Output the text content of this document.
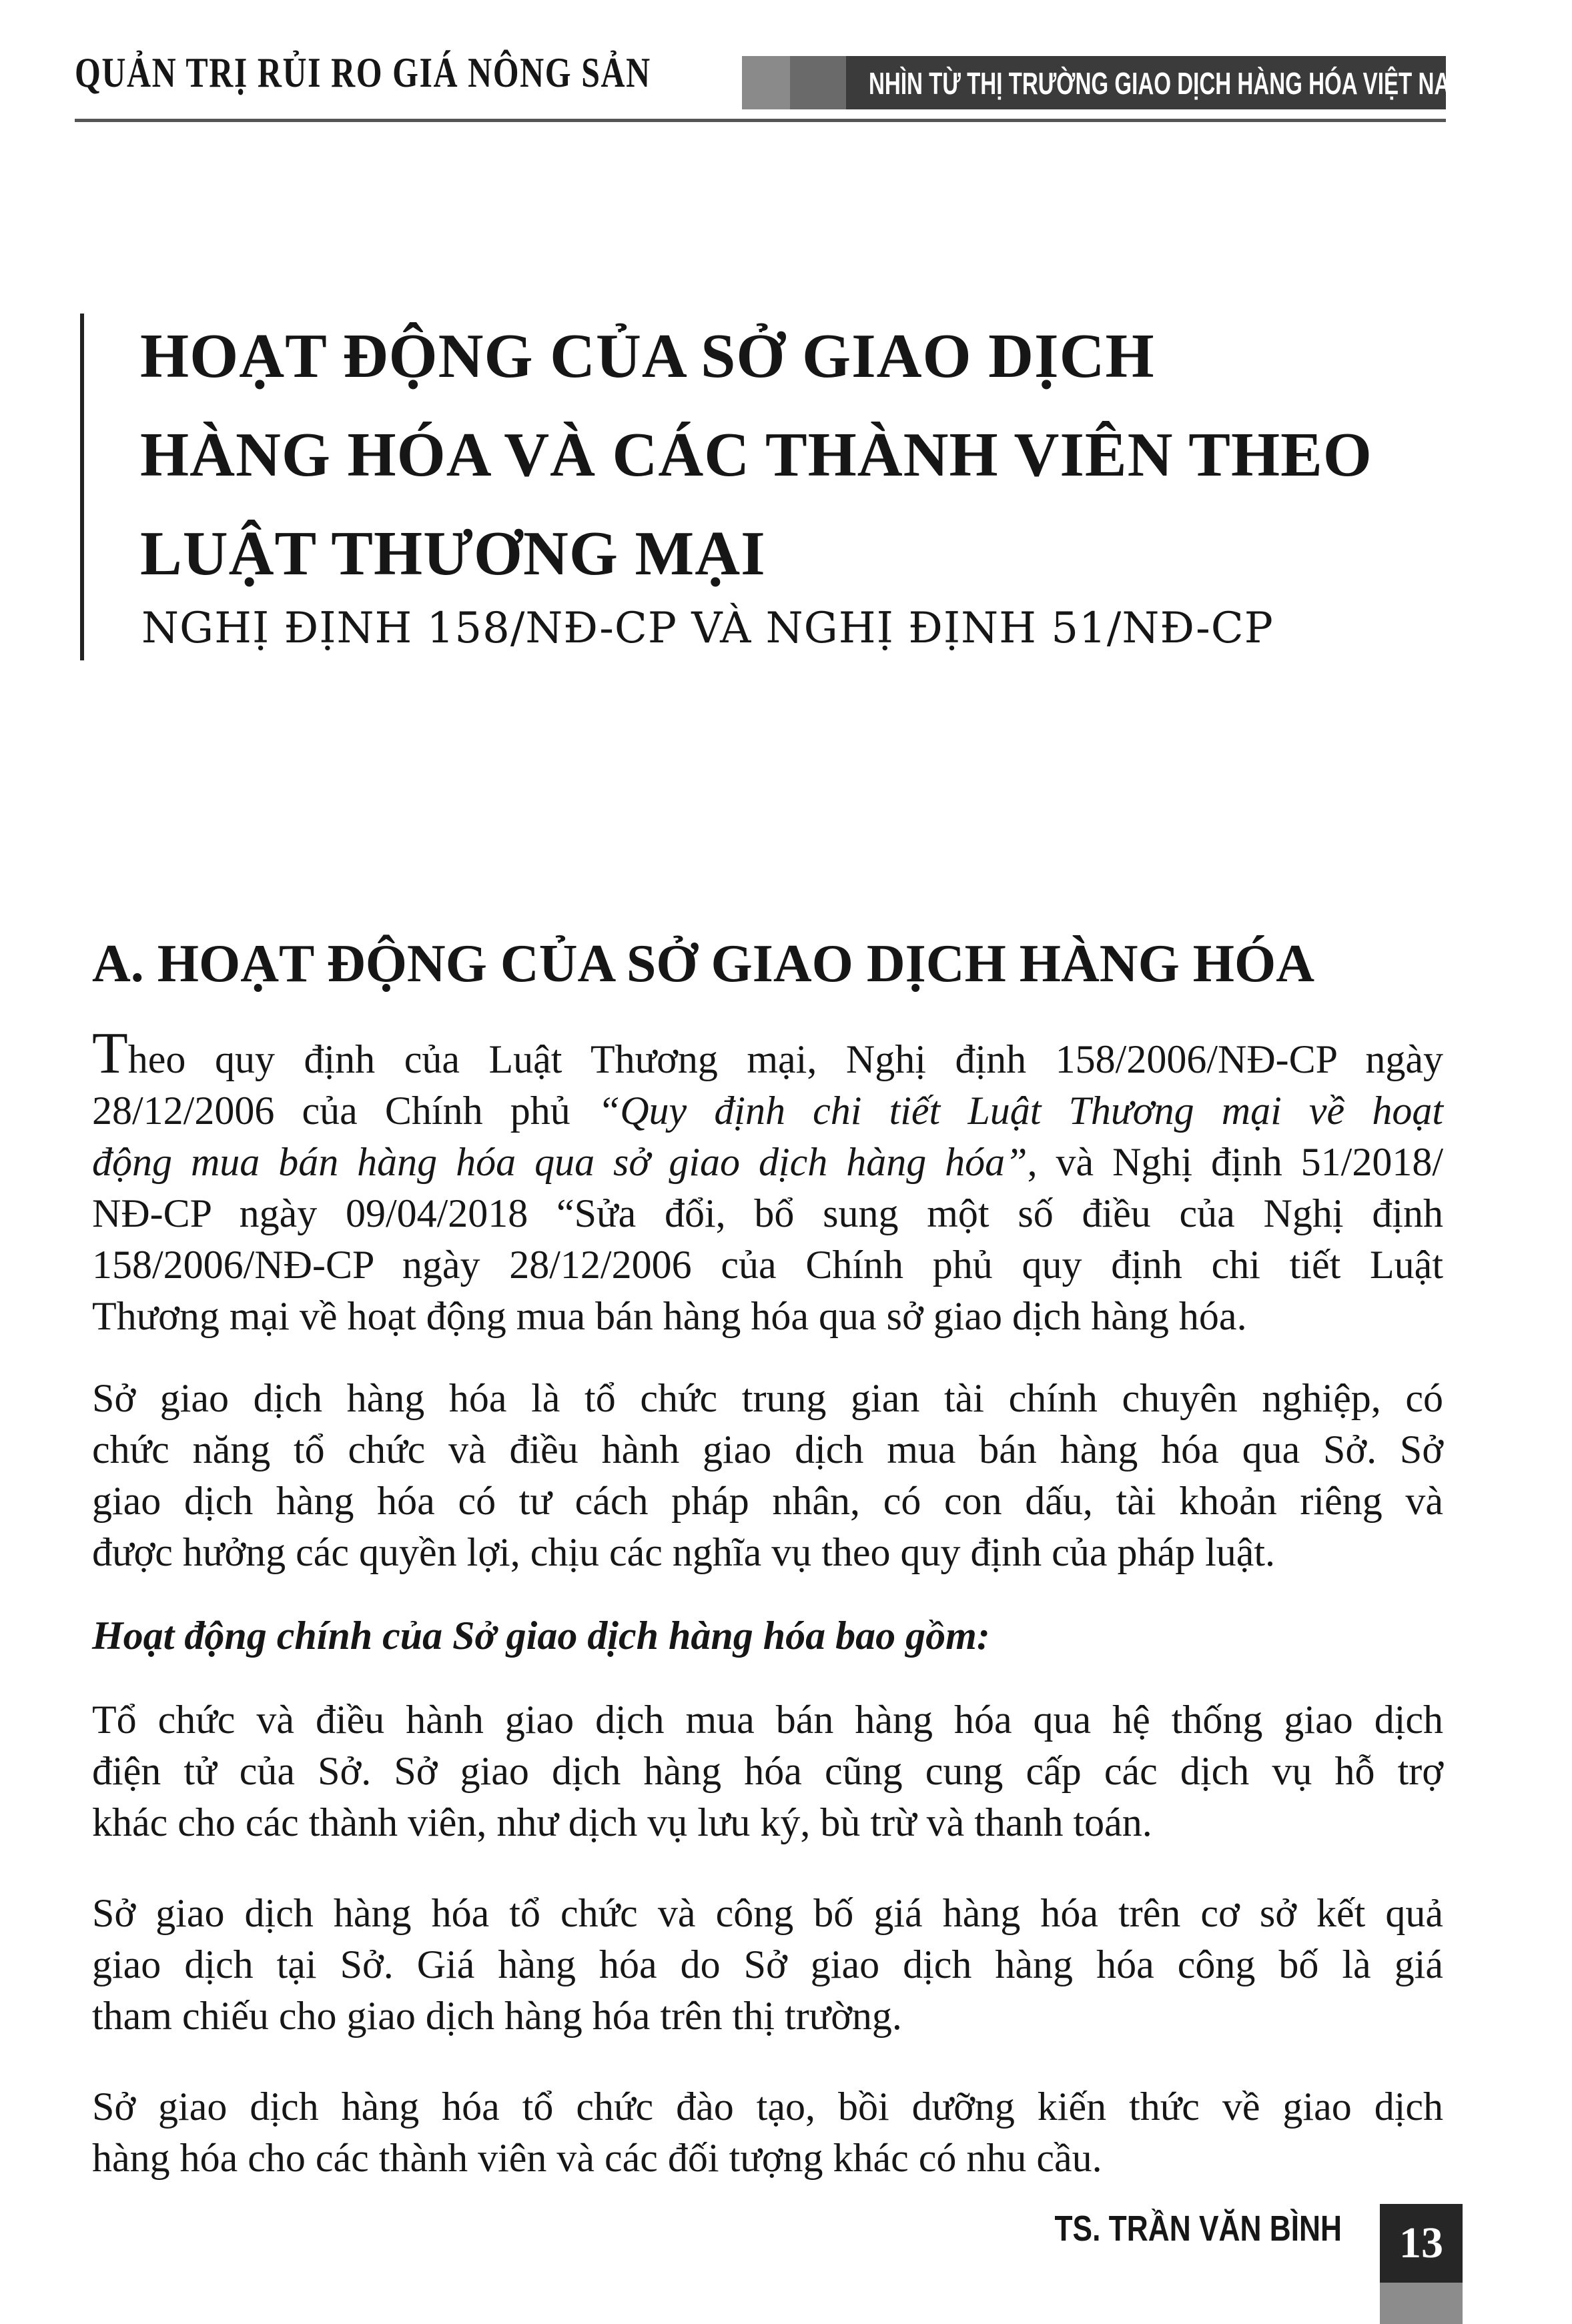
QUẢN TRỊ RỦI RO GIÁ NÔNG SẢN	NHÌN TỪ THỊ TRƯỜNG GIAO DỊCH HÀNG HÓA VIỆT NAM
HOẠT ĐỘNG CỦA SỞ GIAO DỊCH
HÀNG HÓA VÀ CÁC THÀNH VIÊN THEO
LUẬT THƯƠNG MẠI
NGHỊ ĐỊNH 158/NĐ-CP VÀ NGHỊ ĐỊNH 51/NĐ-CP
A. HOẠT ĐỘNG CỦA SỞ GIAO DỊCH HÀNG HÓA
Theo quy định của Luật Thương mại, Nghị định 158/2006/NĐ-CP ngày
28/12/2006 của Chính phủ “Quy định chi tiết Luật Thương mại về hoạt
động mua bán hàng hóa qua sở giao dịch hàng hóa”, và Nghị định 51/2018/
NĐ-CP ngày 09/04/2018 “Sửa đổi, bổ sung một số điều của Nghị định
158/2006/NĐ-CP ngày 28/12/2006 của Chính phủ quy định chi tiết Luật
Thương mại về hoạt động mua bán hàng hóa qua sở giao dịch hàng hóa.
Sở giao dịch hàng hóa là tổ chức trung gian tài chính chuyên nghiệp, có
chức năng tổ chức và điều hành giao dịch mua bán hàng hóa qua Sở. Sở
giao dịch hàng hóa có tư cách pháp nhân, có con dấu, tài khoản riêng và
được hưởng các quyền lợi, chịu các nghĩa vụ theo quy định của pháp luật.
Hoạt động chính của Sở giao dịch hàng hóa bao gồm:
Tổ chức và điều hành giao dịch mua bán hàng hóa qua hệ thống giao dịch
điện tử của Sở. Sở giao dịch hàng hóa cũng cung cấp các dịch vụ hỗ trợ
khác cho các thành viên, như dịch vụ lưu ký, bù trừ và thanh toán.
Sở giao dịch hàng hóa tổ chức và công bố giá hàng hóa trên cơ sở kết quả
giao dịch tại Sở. Giá hàng hóa do Sở giao dịch hàng hóa công bố là giá
tham chiếu cho giao dịch hàng hóa trên thị trường.
Sở giao dịch hàng hóa tổ chức đào tạo, bồi dưỡng kiến thức về giao dịch
hàng hóa cho các thành viên và các đối tượng khác có nhu cầu.
TS. TRẦN VĂN BÌNH	13
